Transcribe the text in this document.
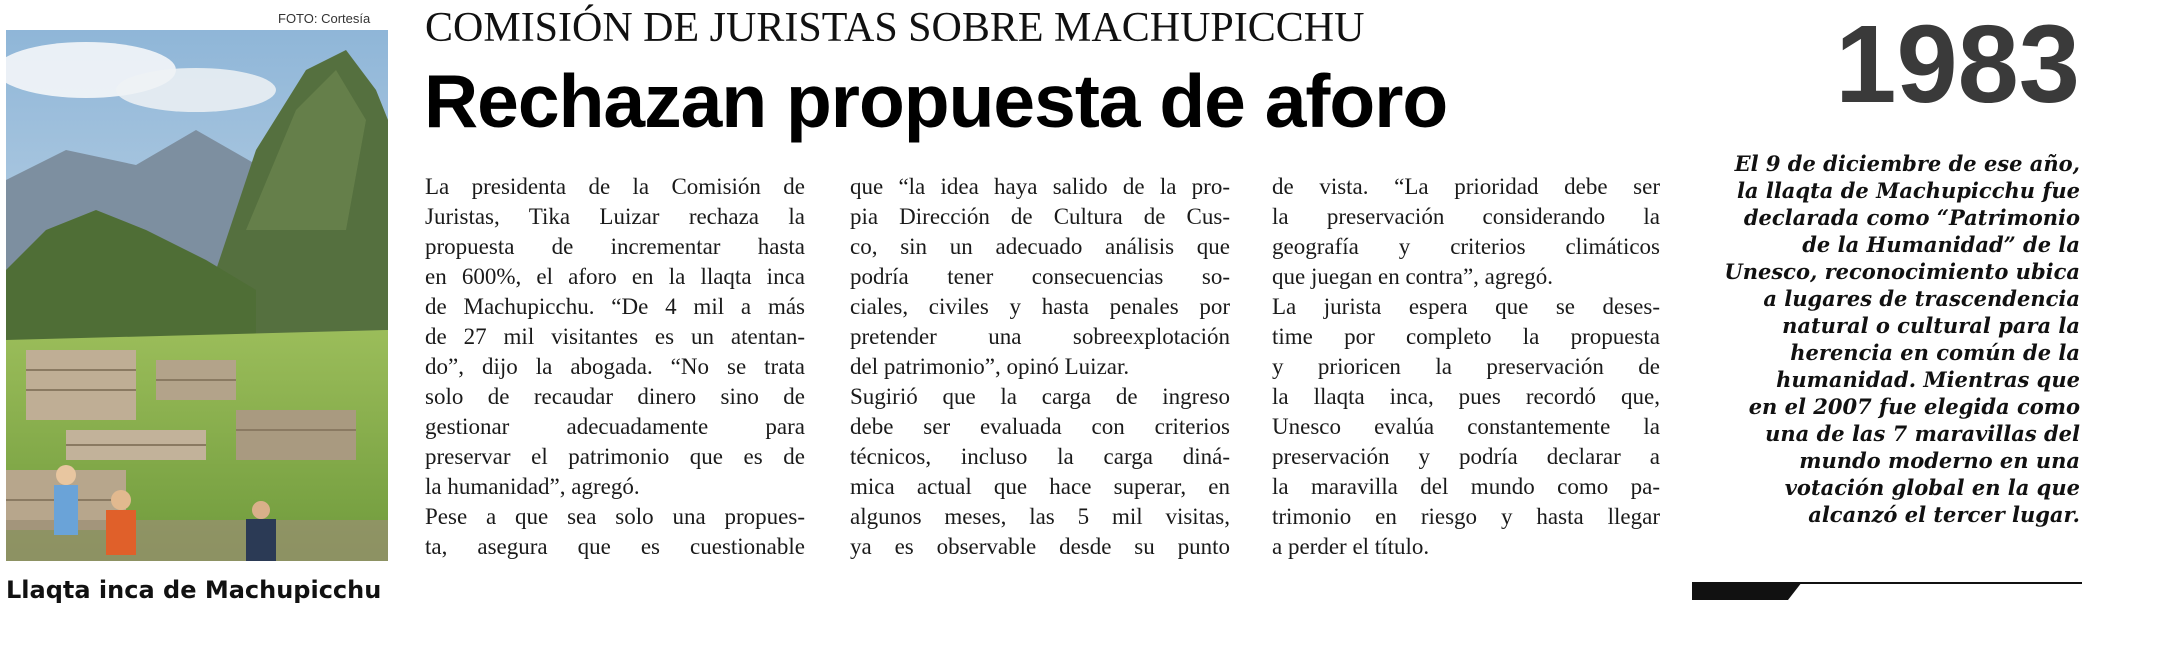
FOTO: Cortesía
Llaqta inca de Machupicchu
COMISIÓN DE JURISTAS SOBRE MACHUPICCHU
Rechazan propuesta de aforo
La presidenta de la Comisión de
Juristas, Tika Luizar rechaza la
propuesta de incrementar hasta
en 600%, el aforo en la llaqta inca
de Machupicchu. “De 4 mil a más
de 27 mil visitantes es un atentan-
do”, dijo la abogada. “No se trata
solo de recaudar dinero sino de
gestionar adecuadamente para
preservar el patrimonio que es de
la humanidad”, agregó.
Pese a que sea solo una propues-
ta, asegura que es cuestionable
que “la idea haya salido de la pro-
pia Dirección de Cultura de Cus-
co, sin un adecuado análisis que
podría tener consecuencias so-
ciales, civiles y hasta penales por
pretender una sobreexplotación
del patrimonio”, opinó Luizar.
Sugirió que la carga de ingreso
debe ser evaluada con criterios
técnicos, incluso la carga diná-
mica actual que hace superar, en
algunos meses, las 5 mil visitas,
ya es observable desde su punto
de vista. “La prioridad debe ser
la preservación considerando la
geografía y criterios climáticos
que juegan en contra”, agregó.
La jurista espera que se deses-
time por completo la propuesta
y prioricen la preservación de
la llaqta inca, pues recordó que,
Unesco evalúa constantemente la
preservación y podría declarar a
la maravilla del mundo como pa-
trimonio en riesgo y hasta llegar
a perder el título.
1983
El 9 de diciembre de ese año,
la llaqta de Machupicchu fue
declarada como “Patrimonio
de la Humanidad” de la
Unesco, reconocimiento ubica
a lugares de trascendencia
natural o cultural para la
herencia en común de la
humanidad. Mientras que
en el 2007 fue elegida como
una de las 7 maravillas del
mundo moderno en una
votación global en la que
alcanzó el tercer lugar.
